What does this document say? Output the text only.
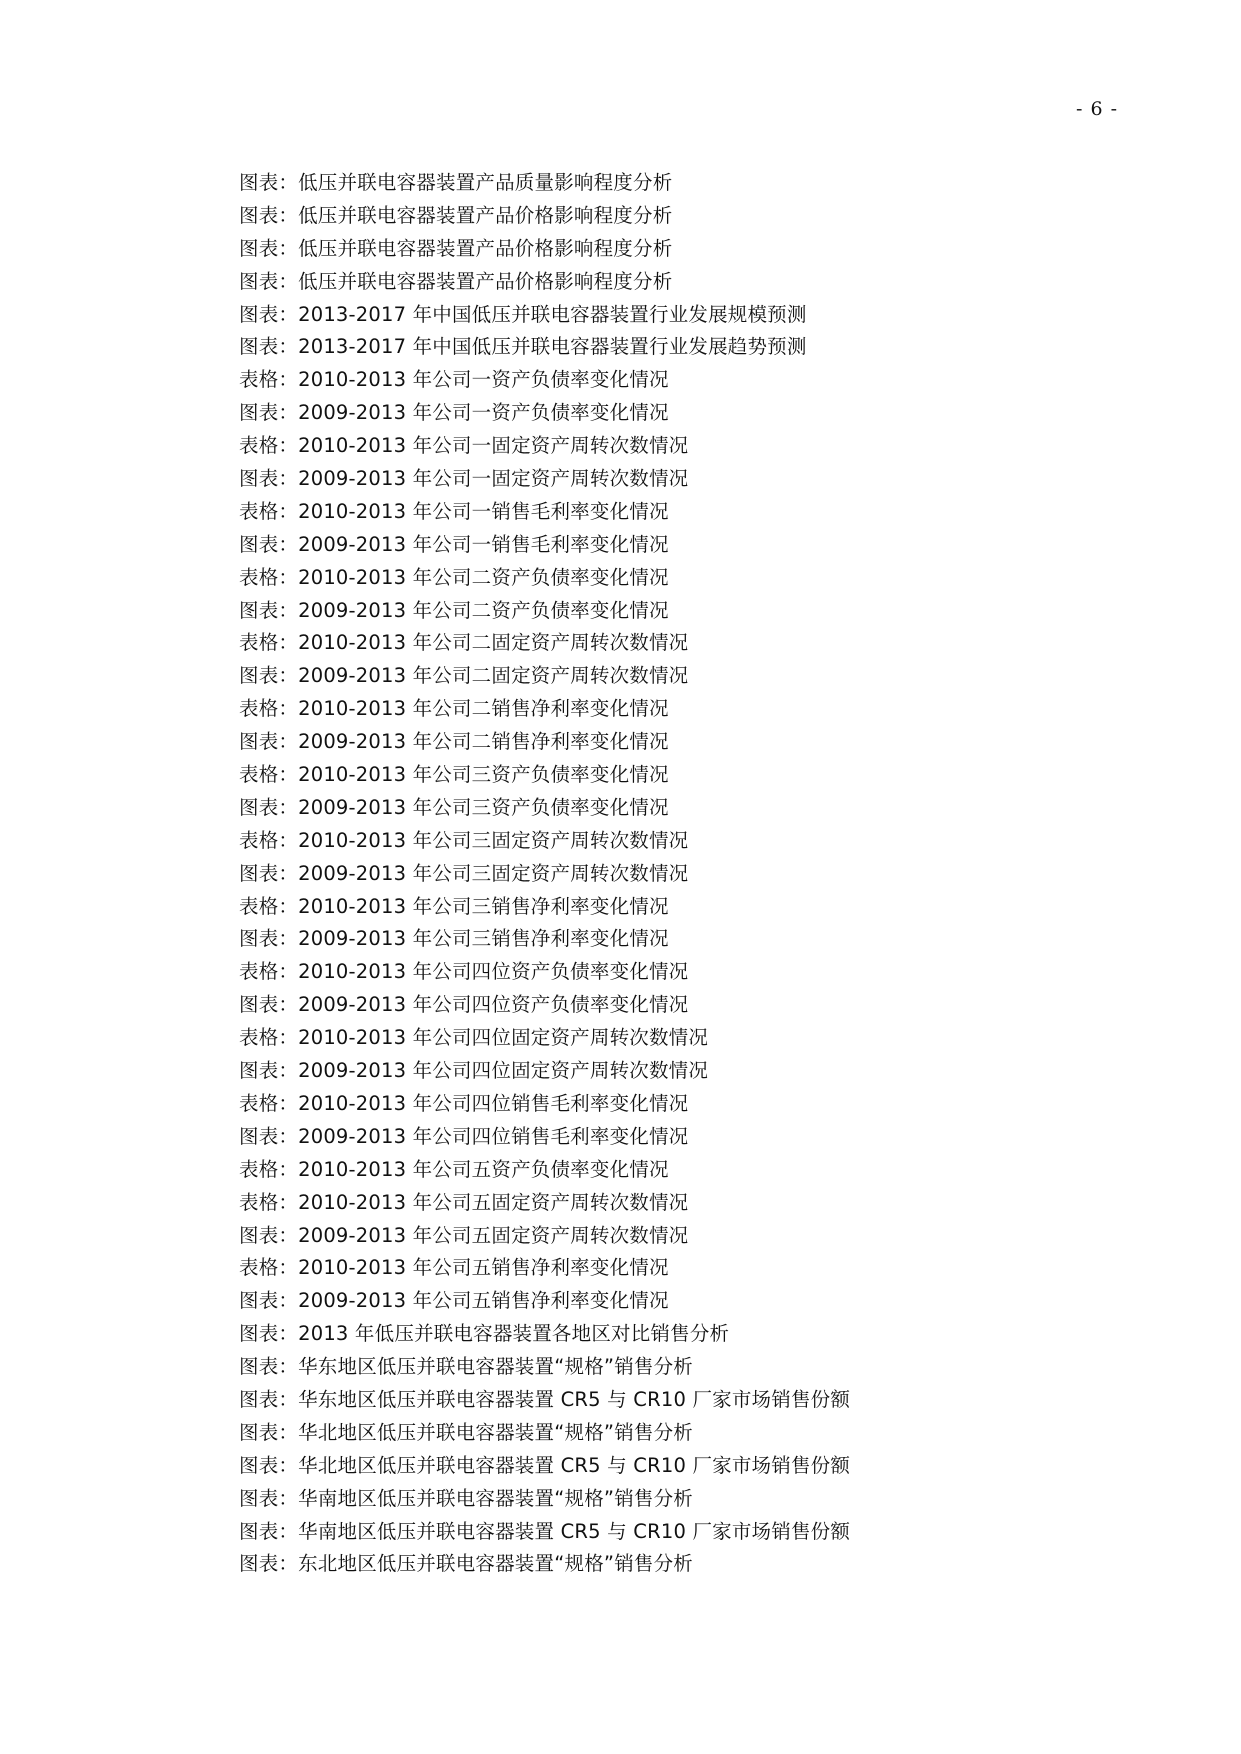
- 6 -
图表：低压并联电容器装置产品质量影响程度分析
图表：低压并联电容器装置产品价格影响程度分析
图表：低压并联电容器装置产品价格影响程度分析
图表：低压并联电容器装置产品价格影响程度分析
图表：2013-2017 年中国低压并联电容器装置行业发展规模预测
图表：2013-2017 年中国低压并联电容器装置行业发展趋势预测
表格：2010-2013 年公司一资产负债率变化情况
图表：2009-2013 年公司一资产负债率变化情况
表格：2010-2013 年公司一固定资产周转次数情况
图表：2009-2013 年公司一固定资产周转次数情况
表格：2010-2013 年公司一销售毛利率变化情况
图表：2009-2013 年公司一销售毛利率变化情况
表格：2010-2013 年公司二资产负债率变化情况
图表：2009-2013 年公司二资产负债率变化情况
表格：2010-2013 年公司二固定资产周转次数情况
图表：2009-2013 年公司二固定资产周转次数情况
表格：2010-2013 年公司二销售净利率变化情况
图表：2009-2013 年公司二销售净利率变化情况
表格：2010-2013 年公司三资产负债率变化情况
图表：2009-2013 年公司三资产负债率变化情况
表格：2010-2013 年公司三固定资产周转次数情况
图表：2009-2013 年公司三固定资产周转次数情况
表格：2010-2013 年公司三销售净利率变化情况
图表：2009-2013 年公司三销售净利率变化情况
表格：2010-2013 年公司四位资产负债率变化情况
图表：2009-2013 年公司四位资产负债率变化情况
表格：2010-2013 年公司四位固定资产周转次数情况
图表：2009-2013 年公司四位固定资产周转次数情况
表格：2010-2013 年公司四位销售毛利率变化情况
图表：2009-2013 年公司四位销售毛利率变化情况
表格：2010-2013 年公司五资产负债率变化情况
表格：2010-2013 年公司五固定资产周转次数情况
图表：2009-2013 年公司五固定资产周转次数情况
表格：2010-2013 年公司五销售净利率变化情况
图表：2009-2013 年公司五销售净利率变化情况
图表：2013 年低压并联电容器装置各地区对比销售分析
图表：华东地区低压并联电容器装置“规格”销售分析
图表：华东地区低压并联电容器装置 CR5 与 CR10 厂家市场销售份额
图表：华北地区低压并联电容器装置“规格”销售分析
图表：华北地区低压并联电容器装置 CR5 与 CR10 厂家市场销售份额
图表：华南地区低压并联电容器装置“规格”销售分析
图表：华南地区低压并联电容器装置 CR5 与 CR10 厂家市场销售份额
图表：东北地区低压并联电容器装置“规格”销售分析
